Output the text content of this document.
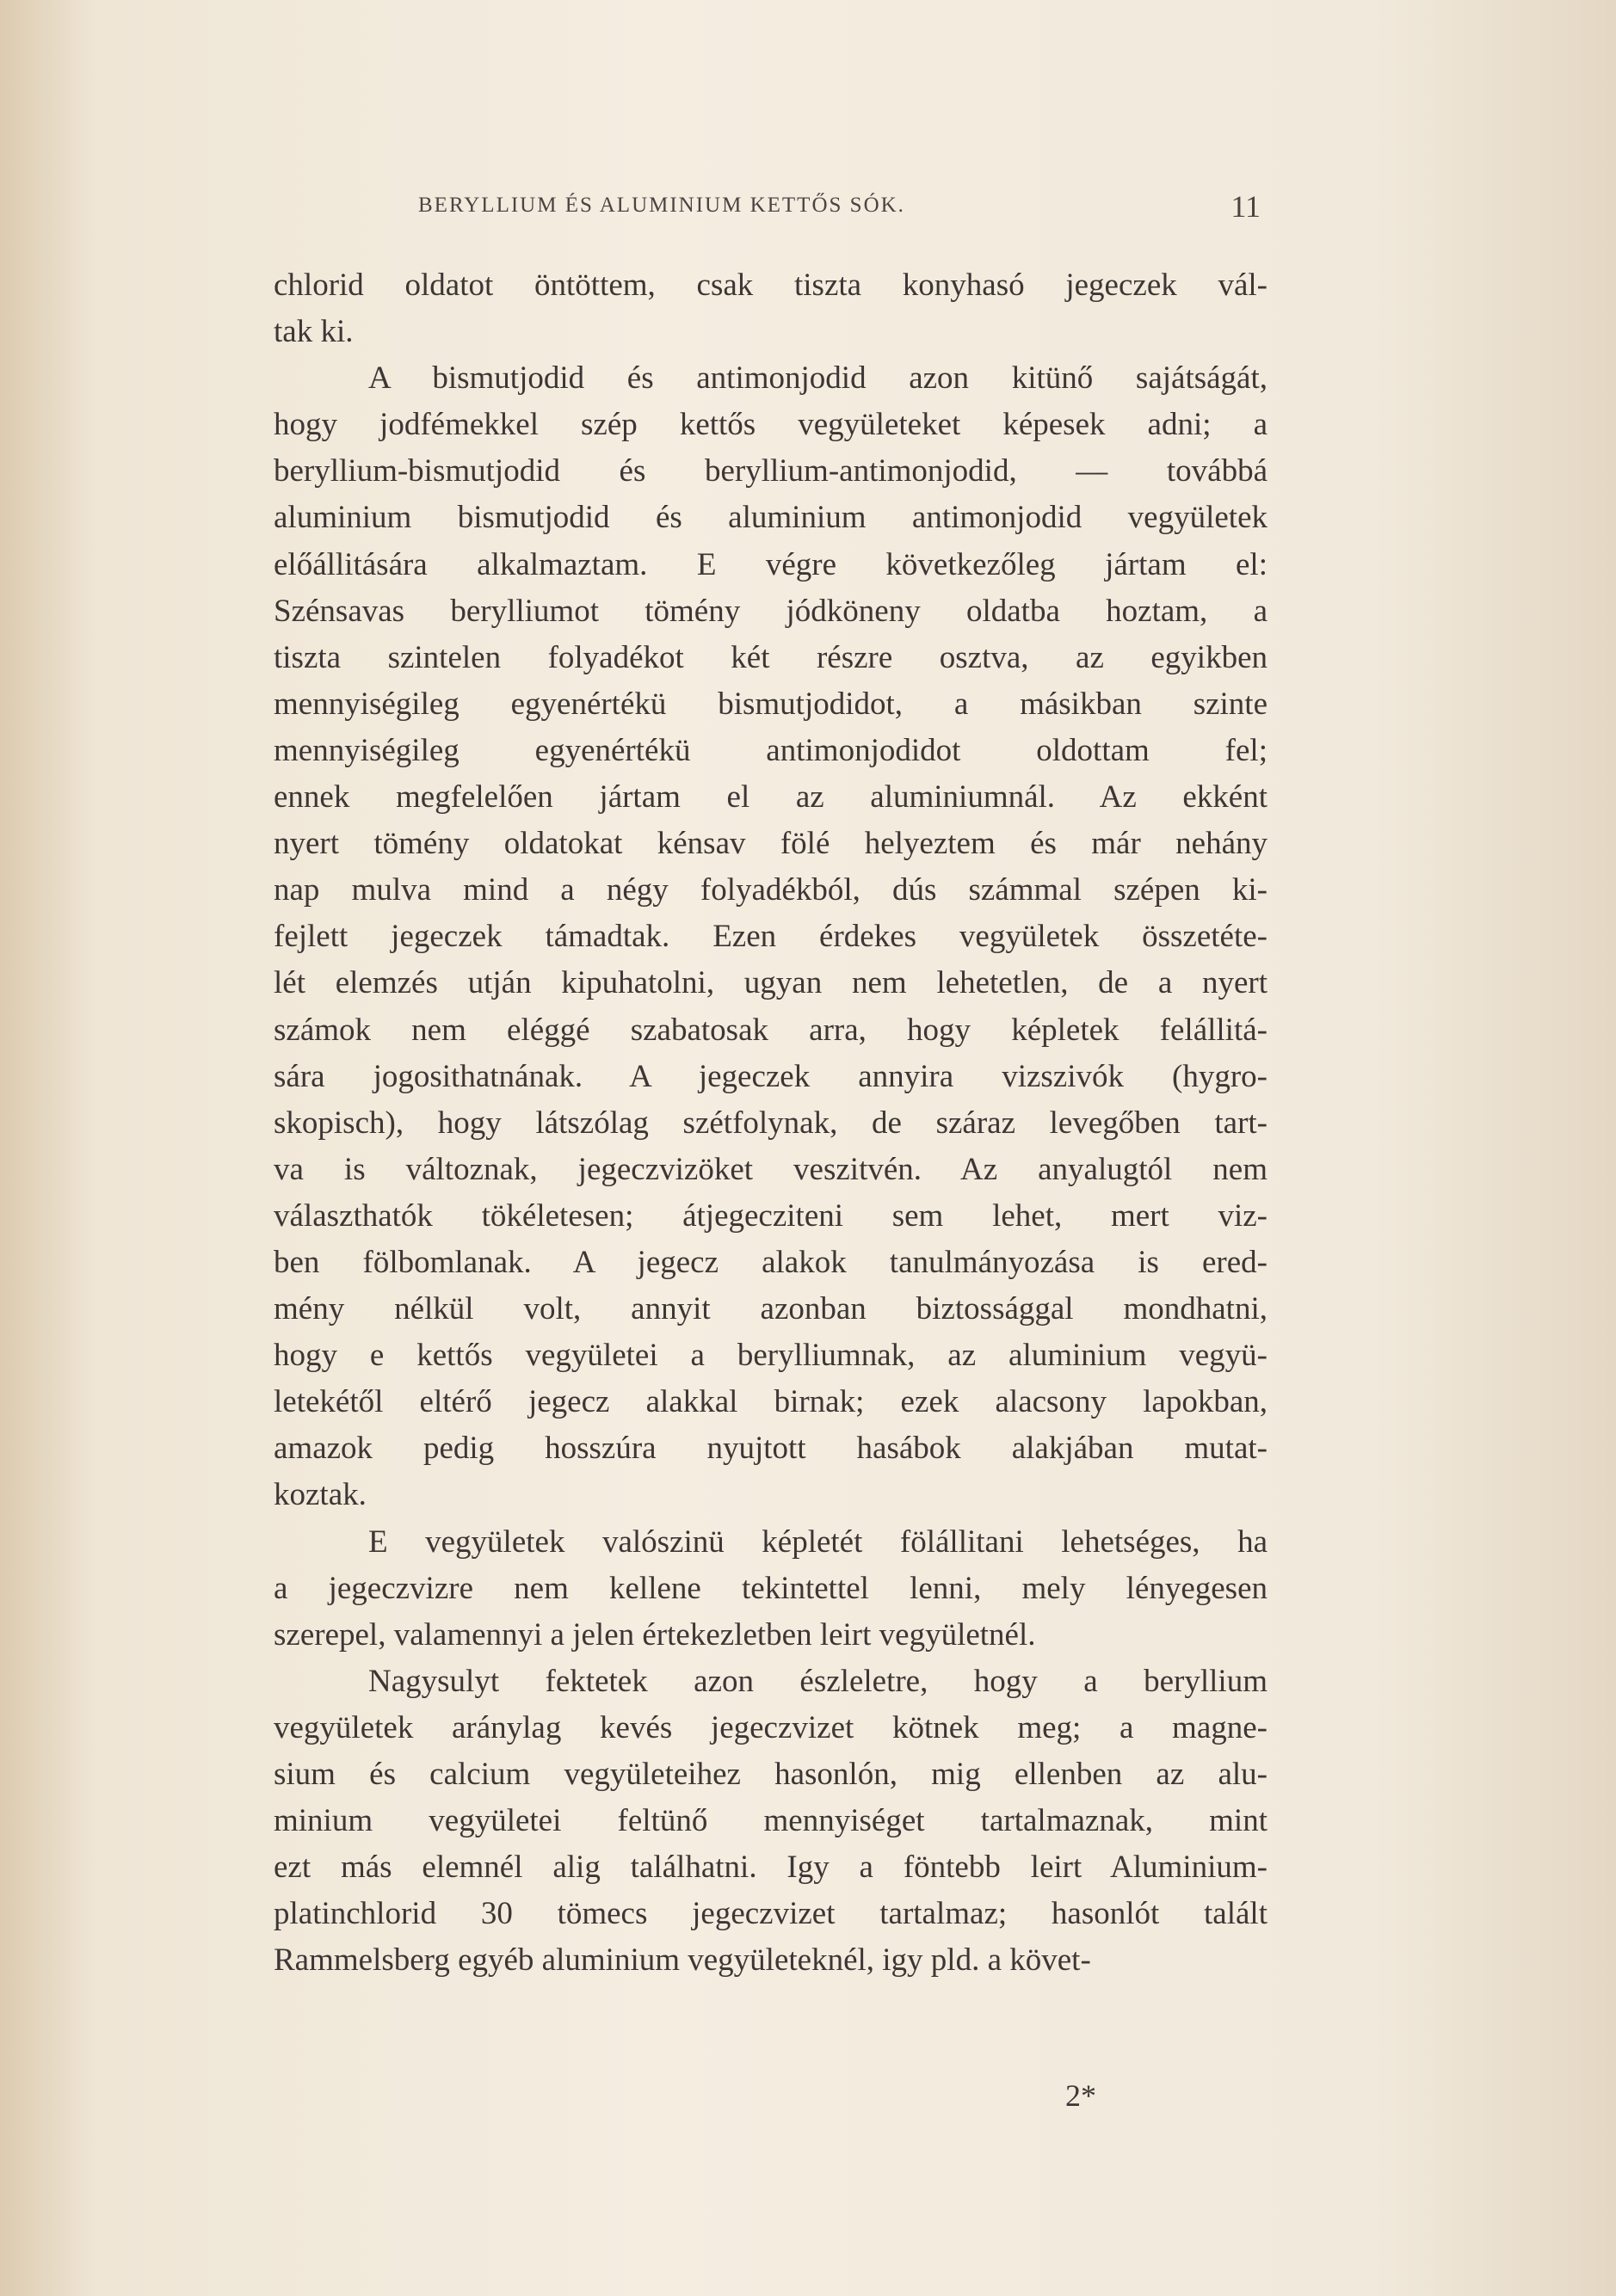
BERYLLIUM ÉS ALUMINIUM KETTŐS SÓK.	11

chlorid oldatot öntöttem, csak tiszta konyhasó jegeczek vál-
tak ki.

A bismutjodid és antimonjodid azon kitünő sajátságát,
hogy jodfémekkel szép kettős vegyületeket képesek adni; a
beryllium-bismutjodid és beryllium-antimonjodid, — továbbá
aluminium bismutjodid és aluminium antimonjodid vegyületek
előállitására alkalmaztam. E végre következőleg jártam el:
Szénsavas berylliumot tömény jódköneny oldatba hoztam, a
tiszta szintelen folyadékot két részre osztva, az egyikben
mennyiségileg egyenértékü bismutjodidot, a másikban szinte
mennyiségileg egyenértékü antimonjodidot oldottam fel;
ennek megfelelően jártam el az aluminiumnál. Az ekként
nyert tömény oldatokat kénsav fölé helyeztem és már nehány
nap mulva mind a négy folyadékból, dús számmal szépen ki-
fejlett jegeczek támadtak. Ezen érdekes vegyületek összetéte-
lét elemzés utján kipuhatolni, ugyan nem lehetetlen, de a nyert
számok nem eléggé szabatosak arra, hogy képletek felállitá-
sára jogosithatnának. A jegeczek annyira vizszivók (hygro-
skopisch), hogy látszólag szétfolynak, de száraz levegőben tart-
va is változnak, jegeczvizöket veszitvén. Az anyalugtól nem
választhatók tökéletesen; átjegecziteni sem lehet, mert viz-
ben fölbomlanak. A jegecz alakok tanulmányozása is ered-
mény nélkül volt, annyit azonban biztossággal mondhatni,
hogy e kettős vegyületei a berylliumnak, az aluminium vegyü-
letekétől eltérő jegecz alakkal birnak; ezek alacsony lapokban,
amazok pedig hosszúra nyujtott hasábok alakjában mutat-
koztak.

E vegyületek valószinü képletét fölállitani lehetséges, ha
a jegeczvizre nem kellene tekintettel lenni, mely lényegesen
szerepel, valamennyi a jelen értekezletben leirt vegyületnél.

Nagysulyt fektetek azon észleletre, hogy a beryllium
vegyületek aránylag kevés jegeczvizet kötnek meg; a magne-
sium és calcium vegyületeihez hasonlón, mig ellenben az alu-
minium vegyületei feltünő mennyiséget tartalmaznak, mint
ezt más elemnél alig találhatni. Igy a föntebb leirt Aluminium-
platinchlorid 30 tömecs jegeczvizet tartalmaz; hasonlót talált
Rammelsberg egyéb aluminium vegyületeknél, igy pld. a követ-

2*
